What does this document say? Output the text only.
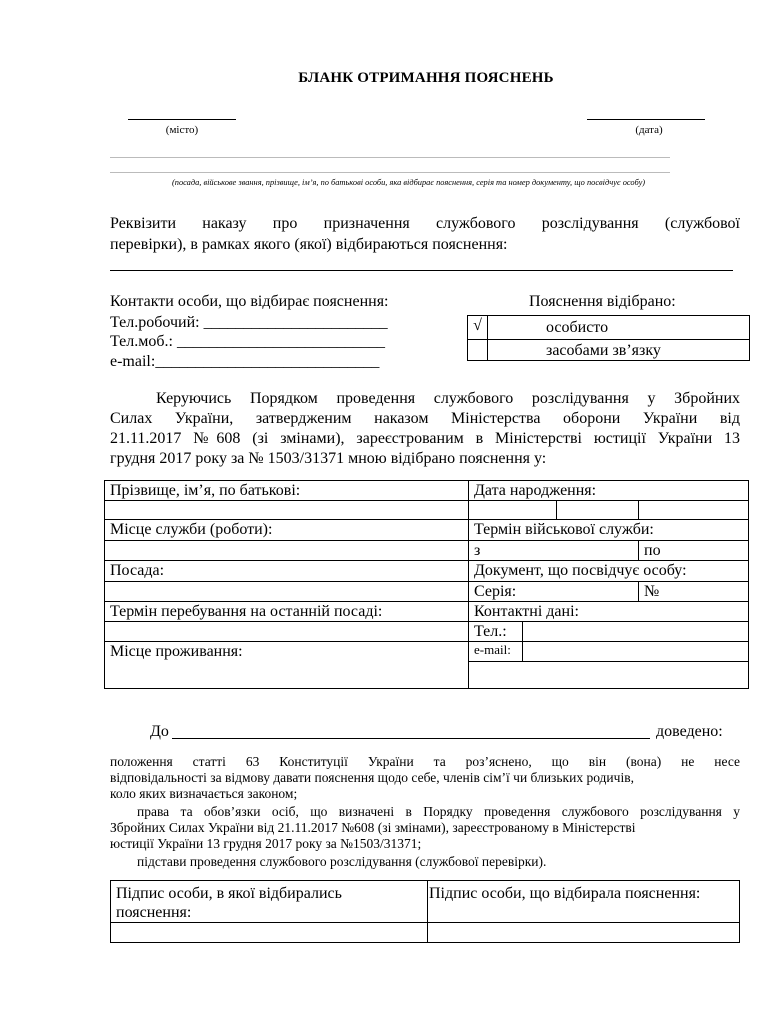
БЛАНК ОТРИМАННЯ ПОЯСНЕНЬ
(місто)	(дата)
(посада, військове звання, прізвище, ім’я, по батькові особи, яка відбирає пояснення, серія та номер документу, що посвідчує особу)
Реквізити наказу про призначення службового розслідування (службової
перевірки), в рамках якого (якої) відбираються пояснення:
Контакти особи, що відбирає пояснення:
Тел.робочий: _______________________
Тел.моб.: __________________________
e-mail:____________________________
Пояснення відібрано:
√	особисто
	засобами зв’язку
Керуючись Порядком проведення службового розслідування у Збройних
Силах України, затвердженим наказом Міністерства оборони України від
21.11.2017 №608 (зі змінами), зареєстрованим в Міністерстві юстиції України 13
грудня 2017 року за № 1503/31371 мною відібрано пояснення у:
Прізвище, ім’я, по батькові:	Дата народження:			

Місце служби (роботи):	Термін військової служби:			
	з			по
Посада:	Документ, що посвідчує особу:			
	Серія:			№
Термін перебування на останній посаді:	Контактні дані:			
	Тел.:			
Місце проживання:	e-mail:			

До	доведено:
положення статті 63 Конституції України та роз’яснено, що він (вона) не несе
відповідальності за відмову давати пояснення щодо себе, членів сім’ї чи близьких родичів,
коло яких визначається законом;
права та обов’язки осіб, що визначені в Порядку проведення службового розслідування у
Збройних Силах України від 21.11.2017 №608 (зі змінами), зареєстрованому в Міністерстві
юстиції України 13 грудня 2017 року за №1503/31371;
підстави проведення службового розслідування (службової перевірки).
Підпис особи, в якої відбирались
пояснення:	Підпис особи, що відбирала пояснення:
